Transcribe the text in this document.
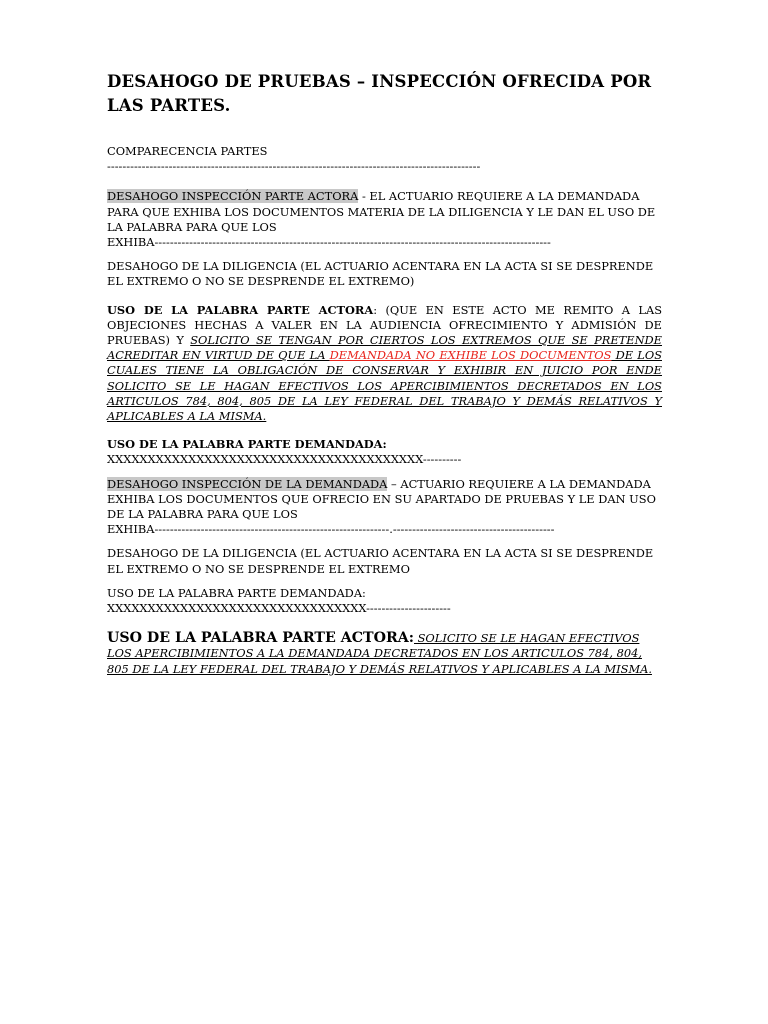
DESAHOGO DE PRUEBAS – INSPECCIÓN OFRECIDA POR LAS PARTES.

COMPARECENCIA PARTES

-------------------------------------------------------------------------------------------------

DESAHOGO INSPECCIÓN PARTE ACTORA - EL ACTUARIO REQUIERE A LA DEMANDADA PARA QUE EXHIBA LOS DOCUMENTOS MATERIA DE LA DILIGENCIA Y LE DAN EL USO DE LA PALABRA PARA QUE LOS

EXHIBA-------------------------------------------------------------------------------------------------------

DESAHOGO DE LA DILIGENCIA (EL ACTUARIO ACENTARA EN LA ACTA SI SE DESPRENDE EL EXTREMO O NO SE DESPRENDE EL EXTREMO)

USO DE LA PALABRA PARTE ACTORA: (QUE EN ESTE ACTO ME REMITO A LAS OBJECIONES HECHAS A VALER EN LA AUDIENCIA OFRECIMIENTO Y ADMISIÓN DE PRUEBAS) Y SOLICITO SE TENGAN POR CIERTOS LOS EXTREMOS QUE SE PRETENDE ACREDITAR EN VIRTUD DE QUE LA DEMANDADA NO EXHIBE LOS DOCUMENTOS DE LOS CUALES TIENE LA OBLIGACIÓN DE CONSERVAR Y EXHIBIR EN JUICIO POR ENDE SOLICITO SE LE HAGAN EFECTIVOS LOS APERCIBIMIENTOS DECRETADOS EN LOS ARTICULOS 784, 804, 805 DE LA LEY FEDERAL DEL TRABAJO Y DEMÁS RELATIVOS Y APLICABLES A LA MISMA.

USO DE LA PALABRA PARTE DEMANDADA:

XXXXXXXXXXXXXXXXXXXXXXXXXXXXXXXXXXXXXXX----------

DESAHOGO INSPECCIÓN DE LA DEMANDADA – ACTUARIO REQUIERE A LA DEMANDADA EXHIBA LOS DOCUMENTOS QUE OFRECIO EN SU APARTADO DE PRUEBAS Y LE DAN USO DE LA PALABRA PARA QUE LOS

EXHIBA-------------------------------------------------------------.------------------------------------------

DESAHOGO DE LA DILIGENCIA (EL ACTUARIO ACENTARA EN LA ACTA SI SE DESPRENDE EL EXTREMO O NO SE DESPRENDE EL EXTREMO

USO DE LA PALABRA PARTE DEMANDADA:

XXXXXXXXXXXXXXXXXXXXXXXXXXXXXXXX----------------------

USO DE LA PALABRA PARTE ACTORA: SOLICITO SE LE HAGAN EFECTIVOS LOS APERCIBIMIENTOS A LA DEMANDADA DECRETADOS EN LOS ARTICULOS 784, 804, 805 DE LA LEY FEDERAL DEL TRABAJO Y DEMÁS RELATIVOS Y APLICABLES A LA MISMA.
